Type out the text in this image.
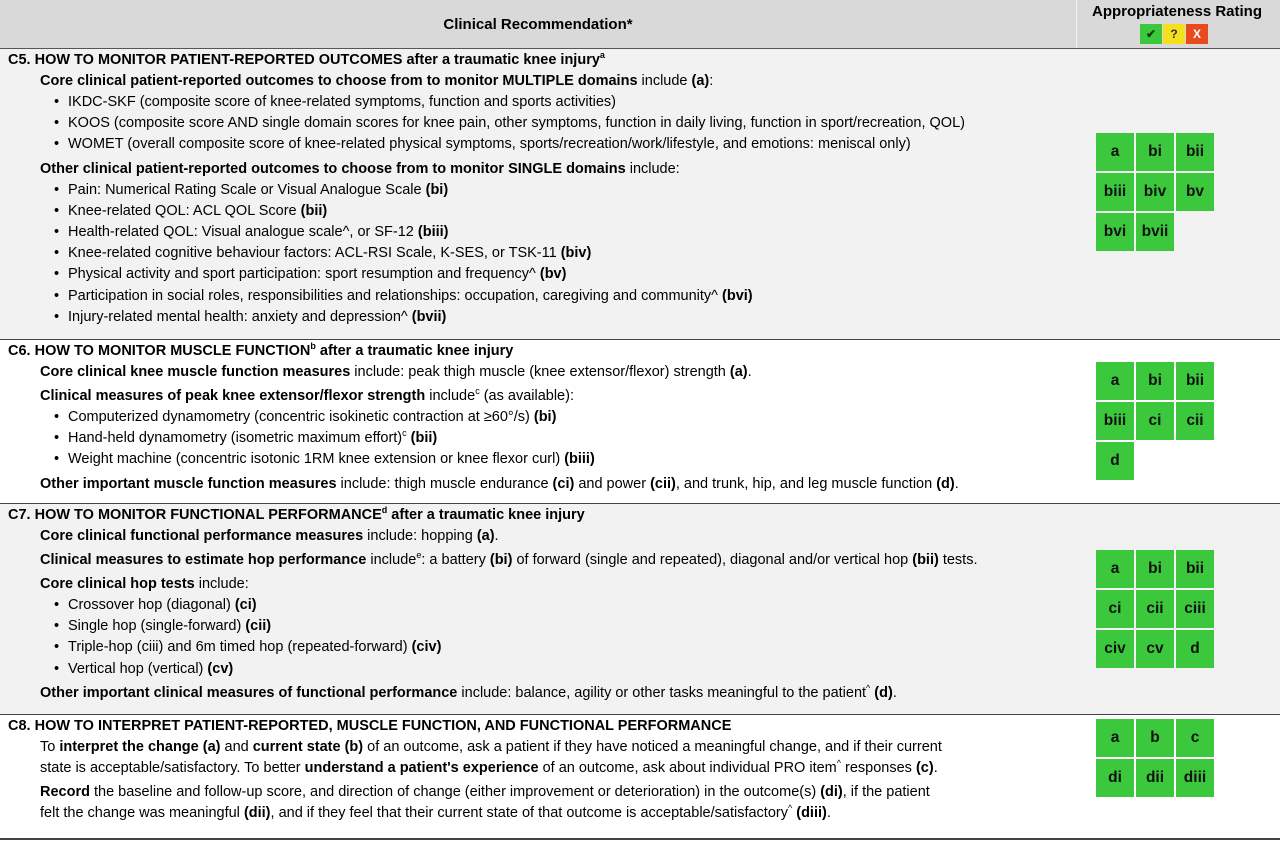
Clinical Recommendation*
Appropriateness Rating
✔	?	X
C5. HOW TO MONITOR PATIENT-REPORTED OUTCOMES after a traumatic knee injury$^a$
Core clinical patient-reported outcomes to choose from to monitor MULTIPLE domains include (a):
• IKDC-SKF (composite score of knee-related symptoms, function and sports activities)
• KOOS (composite score AND single domain scores for knee pain, other symptoms, function in daily living, function in sport/recreation, QOL)
• WOMET (overall composite score of knee-related physical symptoms, sports/recreation/work/lifestyle, and emotions: meniscal only)
Other clinical patient-reported outcomes to choose from to monitor SINGLE domains include:
• Pain: Numerical Rating Scale or Visual Analogue Scale (bi)
• Knee-related QOL: ACL QOL Score (bii)
• Health-related QOL: Visual analogue scale^, or SF-12 (biii)
• Knee-related cognitive behaviour factors: ACL-RSI Scale, K-SES, or TSK-11 (biv)
• Physical activity and sport participation: sport resumption and frequency^ (bv)
• Participation in social roles, responsibilities and relationships: occupation, caregiving and community^ (bvi)
• Injury-related mental health: anxiety and depression^ (bvii)
a	bi	bii
biii	biv	bv
bvi bvii
C6. HOW TO MONITOR MUSCLE FUNCTION$^b$ after a traumatic knee injury
Core clinical knee muscle function measures include: peak thigh muscle (knee extensor/flexor) strength (a).
Clinical measures of peak knee extensor/flexor strength include$^c$ (as available):
• Computerized dynamometry (concentric isokinetic contraction at ≥60°/s) (bi)
• Hand-held dynamometry (isometric maximum effort)$^c$ (bii)
• Weight machine (concentric isotonic 1RM knee extension or knee flexor curl) (biii)
Other important muscle function measures include: thigh muscle endurance (ci) and power (cii), and trunk, hip, and leg muscle function (d).
a	bi	bii
biii	ci	cii
d
C7. HOW TO MONITOR FUNCTIONAL PERFORMANCE$^d$ after a traumatic knee injury
Core clinical functional performance measures include: hopping (a).
Clinical measures to estimate hop performance include$^e$: a battery (bi) of forward (single and repeated), diagonal and/or vertical hop (bii) tests.
Core clinical hop tests include:
• Crossover hop (diagonal) (ci)
• Single hop (single-forward) (cii)
• Triple-hop (ciii) and 6m timed hop (repeated-forward) (civ)
• Vertical hop (vertical) (cv)
Other important clinical measures of functional performance include: balance, agility or other tasks meaningful to the patient^ (d).
a	bi	bii
ci	cii	ciii
civ	cv	d
C8. HOW TO INTERPRET PATIENT-REPORTED, MUSCLE FUNCTION, AND FUNCTIONAL PERFORMANCE
To interpret the change (a) and current state (b) of an outcome, ask a patient if they have noticed a meaningful change, and if their current
state is acceptable/satisfactory. To better understand a patient's experience of an outcome, ask about individual PRO item^ responses (c).
Record the baseline and follow-up score, and direction of change (either improvement or deterioration) in the outcome(s) (di), if the patient
felt the change was meaningful (dii), and if they feel that their current state of that outcome is acceptable/satisfactory^ (diii).
a	b	c
di	dii	diii
